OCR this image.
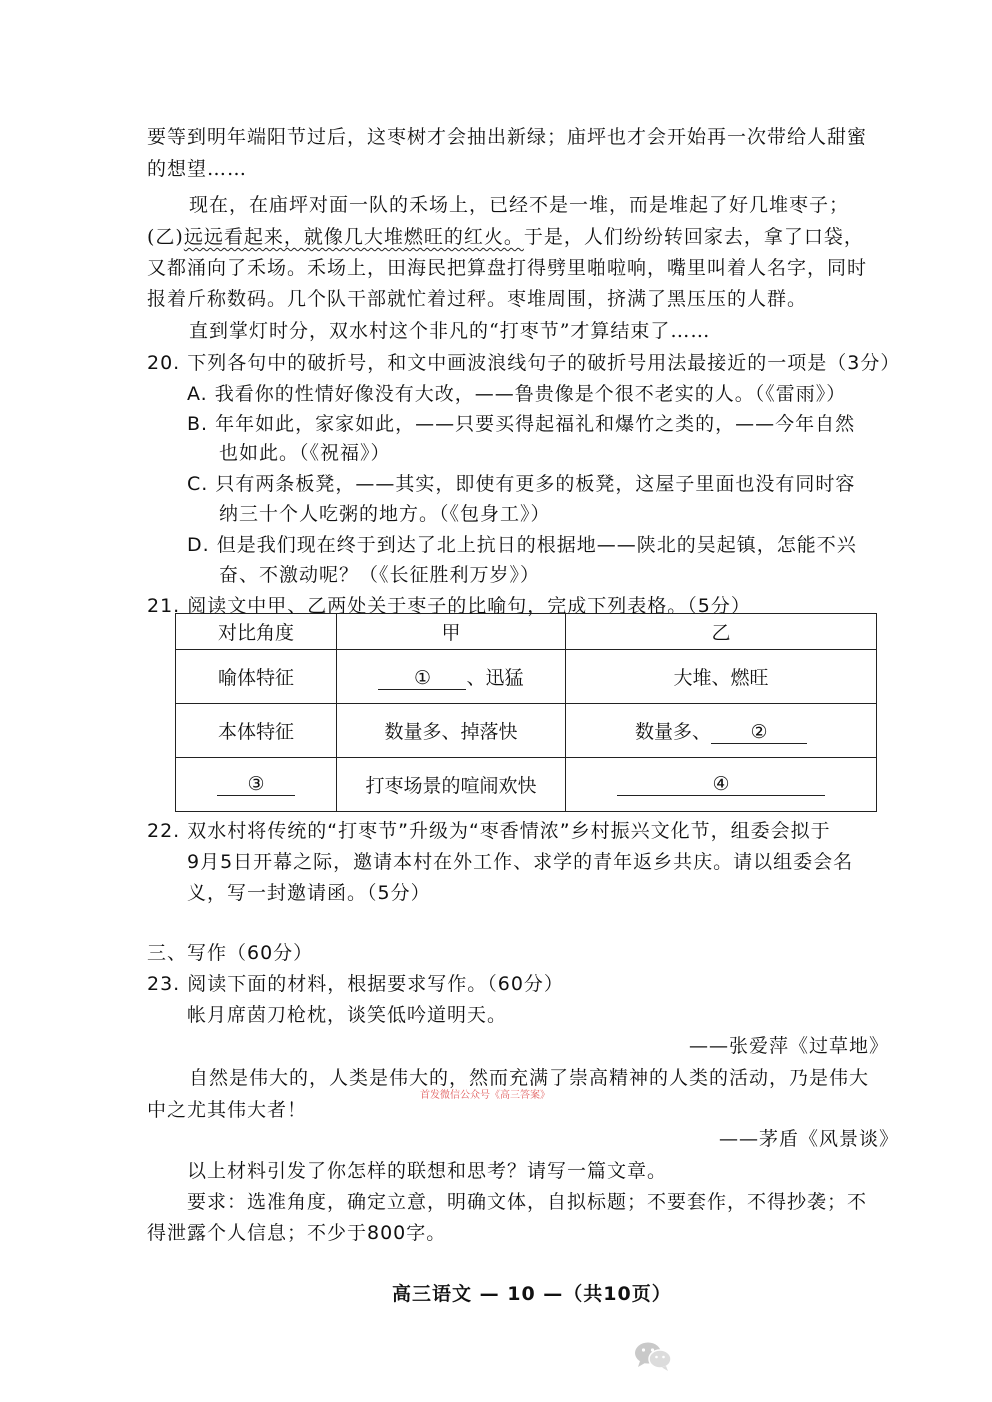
要等到明年端阳节过后，这枣树才会抽出新绿；庙坪也才会开始再一次带给人甜蜜
的想望……
现在，在庙坪对面一队的禾场上，已经不是一堆，而是堆起了好几堆枣子；
(乙)远远看起来，就像几大堆燃旺的红火。于是，人们纷纷转回家去，拿了口袋，
又都涌向了禾场。禾场上，田海民把算盘打得劈里啪啦响，嘴里叫着人名字，同时
报着斤称数码。几个队干部就忙着过秤。枣堆周围，挤满了黑压压的人群。
直到掌灯时分，双水村这个非凡的“打枣节”才算结束了……
20. 下列各句中的破折号，和文中画波浪线句子的破折号用法最接近的一项是（3分）
A. 我看你的性情好像没有大改，——鲁贵像是个很不老实的人。（《雷雨》）
B. 年年如此，家家如此，——只要买得起福礼和爆竹之类的，——今年自然
也如此。（《祝福》）
C. 只有两条板凳，——其实，即使有更多的板凳，这屋子里面也没有同时容
纳三十个人吃粥的地方。（《包身工》）
D. 但是我们现在终于到达了北上抗日的根据地——陕北的吴起镇，怎能不兴
奋、不激动呢？（《长征胜利万岁》）
21. 阅读文中甲、乙两处关于枣子的比喻句，完成下列表格。（5分）
对比角度	甲	乙
喻体特征	① 、迅猛	大堆、燃旺
本体特征	数量多、掉落快	数量多、 ②
③	打枣场景的喧闹欢快	④
22. 双水村将传统的“打枣节”升级为“枣香情浓”乡村振兴文化节，组委会拟于
9月5日开幕之际，邀请本村在外工作、求学的青年返乡共庆。请以组委会名
义，写一封邀请函。（5分）
三、写作（60分）
23. 阅读下面的材料，根据要求写作。（60分）
帐月席茵刀枪枕，谈笑低吟道明天。
——张爱萍《过草地》
自然是伟大的，人类是伟大的，然而充满了崇高精神的人类的活动，乃是伟大
首发微信公众号《高三答案》
中之尤其伟大者！
——茅盾《风景谈》
以上材料引发了你怎样的联想和思考？请写一篇文章。
要求：选准角度，确定立意，明确文体，自拟标题；不要套作，不得抄袭；不
得泄露个人信息；不少于800字。
高三语文 — 10 —（共10页）
